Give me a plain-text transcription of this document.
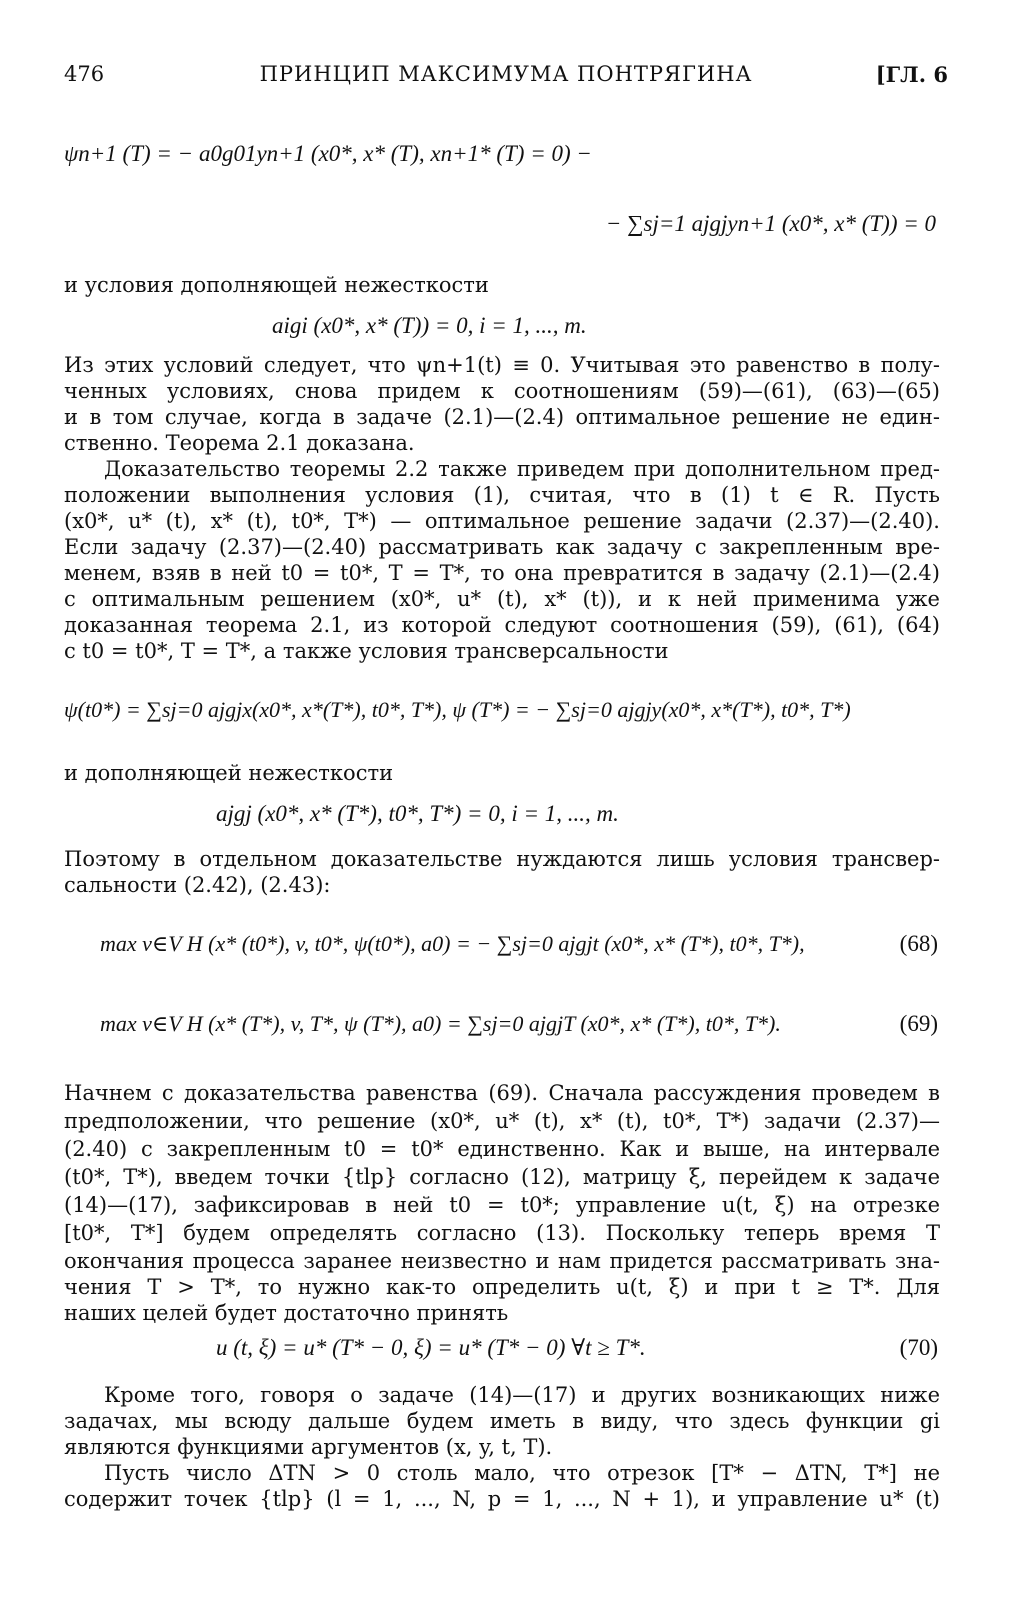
476	ПРИНЦИП МАКСИМУМА ПОНТРЯГИНА	[ГЛ. 6
ψn+1 (T) = − a0g01yn+1 (x0*, x* (T), xn+1* (T) = 0) −
− ∑sj=1 ajgjyn+1 (x0*, x* (T)) = 0
и условия дополняющей нежесткости
aigi (x0*, x* (T)) = 0, i = 1, ..., m.
Из этих условий следует, что ψn+1(t) ≡ 0. Учитывая это равенство в полу-
ченных условиях, снова придем к соотношениям (59)—(61), (63)—(65)
и в том случае, когда в задаче (2.1)—(2.4) оптимальное решение не един-
ственно. Теорема 2.1 доказана.
Доказательство теоремы 2.2 также приведем при дополнительном пред-
положении выполнения условия (1), считая, что в (1) t ∈ R. Пусть
(x0*, u* (t), x* (t), t0*, T*) — оптимальное решение задачи (2.37)—(2.40).
Если задачу (2.37)—(2.40) рассматривать как задачу с закрепленным вре-
менем, взяв в ней t0 = t0*, T = T*, то она превратится в задачу (2.1)—(2.4)
с оптимальным решением (x0*, u* (t), x* (t)), и к ней применима уже
доказанная теорема 2.1, из которой следуют соотношения (59), (61), (64)
с t0 = t0*, T = T*, а также условия трансверсальности
ψ(t0*) = ∑sj=0 ajgjx(x0*, x*(T*), t0*, T*), ψ (T*) = − ∑sj=0 ajgjy(x0*, x*(T*), t0*, T*)
и дополняющей нежесткости
ajgj (x0*, x* (T*), t0*, T*) = 0, i = 1, ..., m.
Поэтому в отдельном доказательстве нуждаются лишь условия трансвер-
сальности (2.42), (2.43):
max v∈V H (x* (t0*), v, t0*, ψ(t0*), a0) = − ∑sj=0 ajgjt (x0*, x* (T*), t0*, T*),	(68)
max v∈V H (x* (T*), v, T*, ψ (T*), a0) = ∑sj=0 ajgjT (x0*, x* (T*), t0*, T*).	(69)
Начнем с доказательства равенства (69). Сначала рассуждения проведем в
предположении, что решение (x0*, u* (t), x* (t), t0*, T*) задачи (2.37)—
(2.40) с закрепленным t0 = t0* единственно. Как и выше, на интервале
(t0*, T*), введем точки {tlp} согласно (12), матрицу ξ, перейдем к задаче
(14)—(17), зафиксировав в ней t0 = t0*; управление u(t, ξ) на отрезке
[t0*, T*] будем определять согласно (13). Поскольку теперь время T
окончания процесса заранее неизвестно и нам придется рассматривать зна-
чения T > T*, то нужно как-то определить u(t, ξ) и при t ≥ T*. Для
наших целей будет достаточно принять
u (t, ξ) = u* (T* − 0, ξ) = u* (T* − 0) ∀t ≥ T*.	(70)
Кроме того, говоря о задаче (14)—(17) и других возникающих ниже
задачах, мы всюду дальше будем иметь в виду, что здесь функции gi
являются функциями аргументов (x, y, t, T).
Пусть число ΔTN > 0 столь мало, что отрезок [T* − ΔTN, T*] не
содержит точек {tlp} (l = 1, ..., N, p = 1, ..., N + 1), и управление u* (t)
